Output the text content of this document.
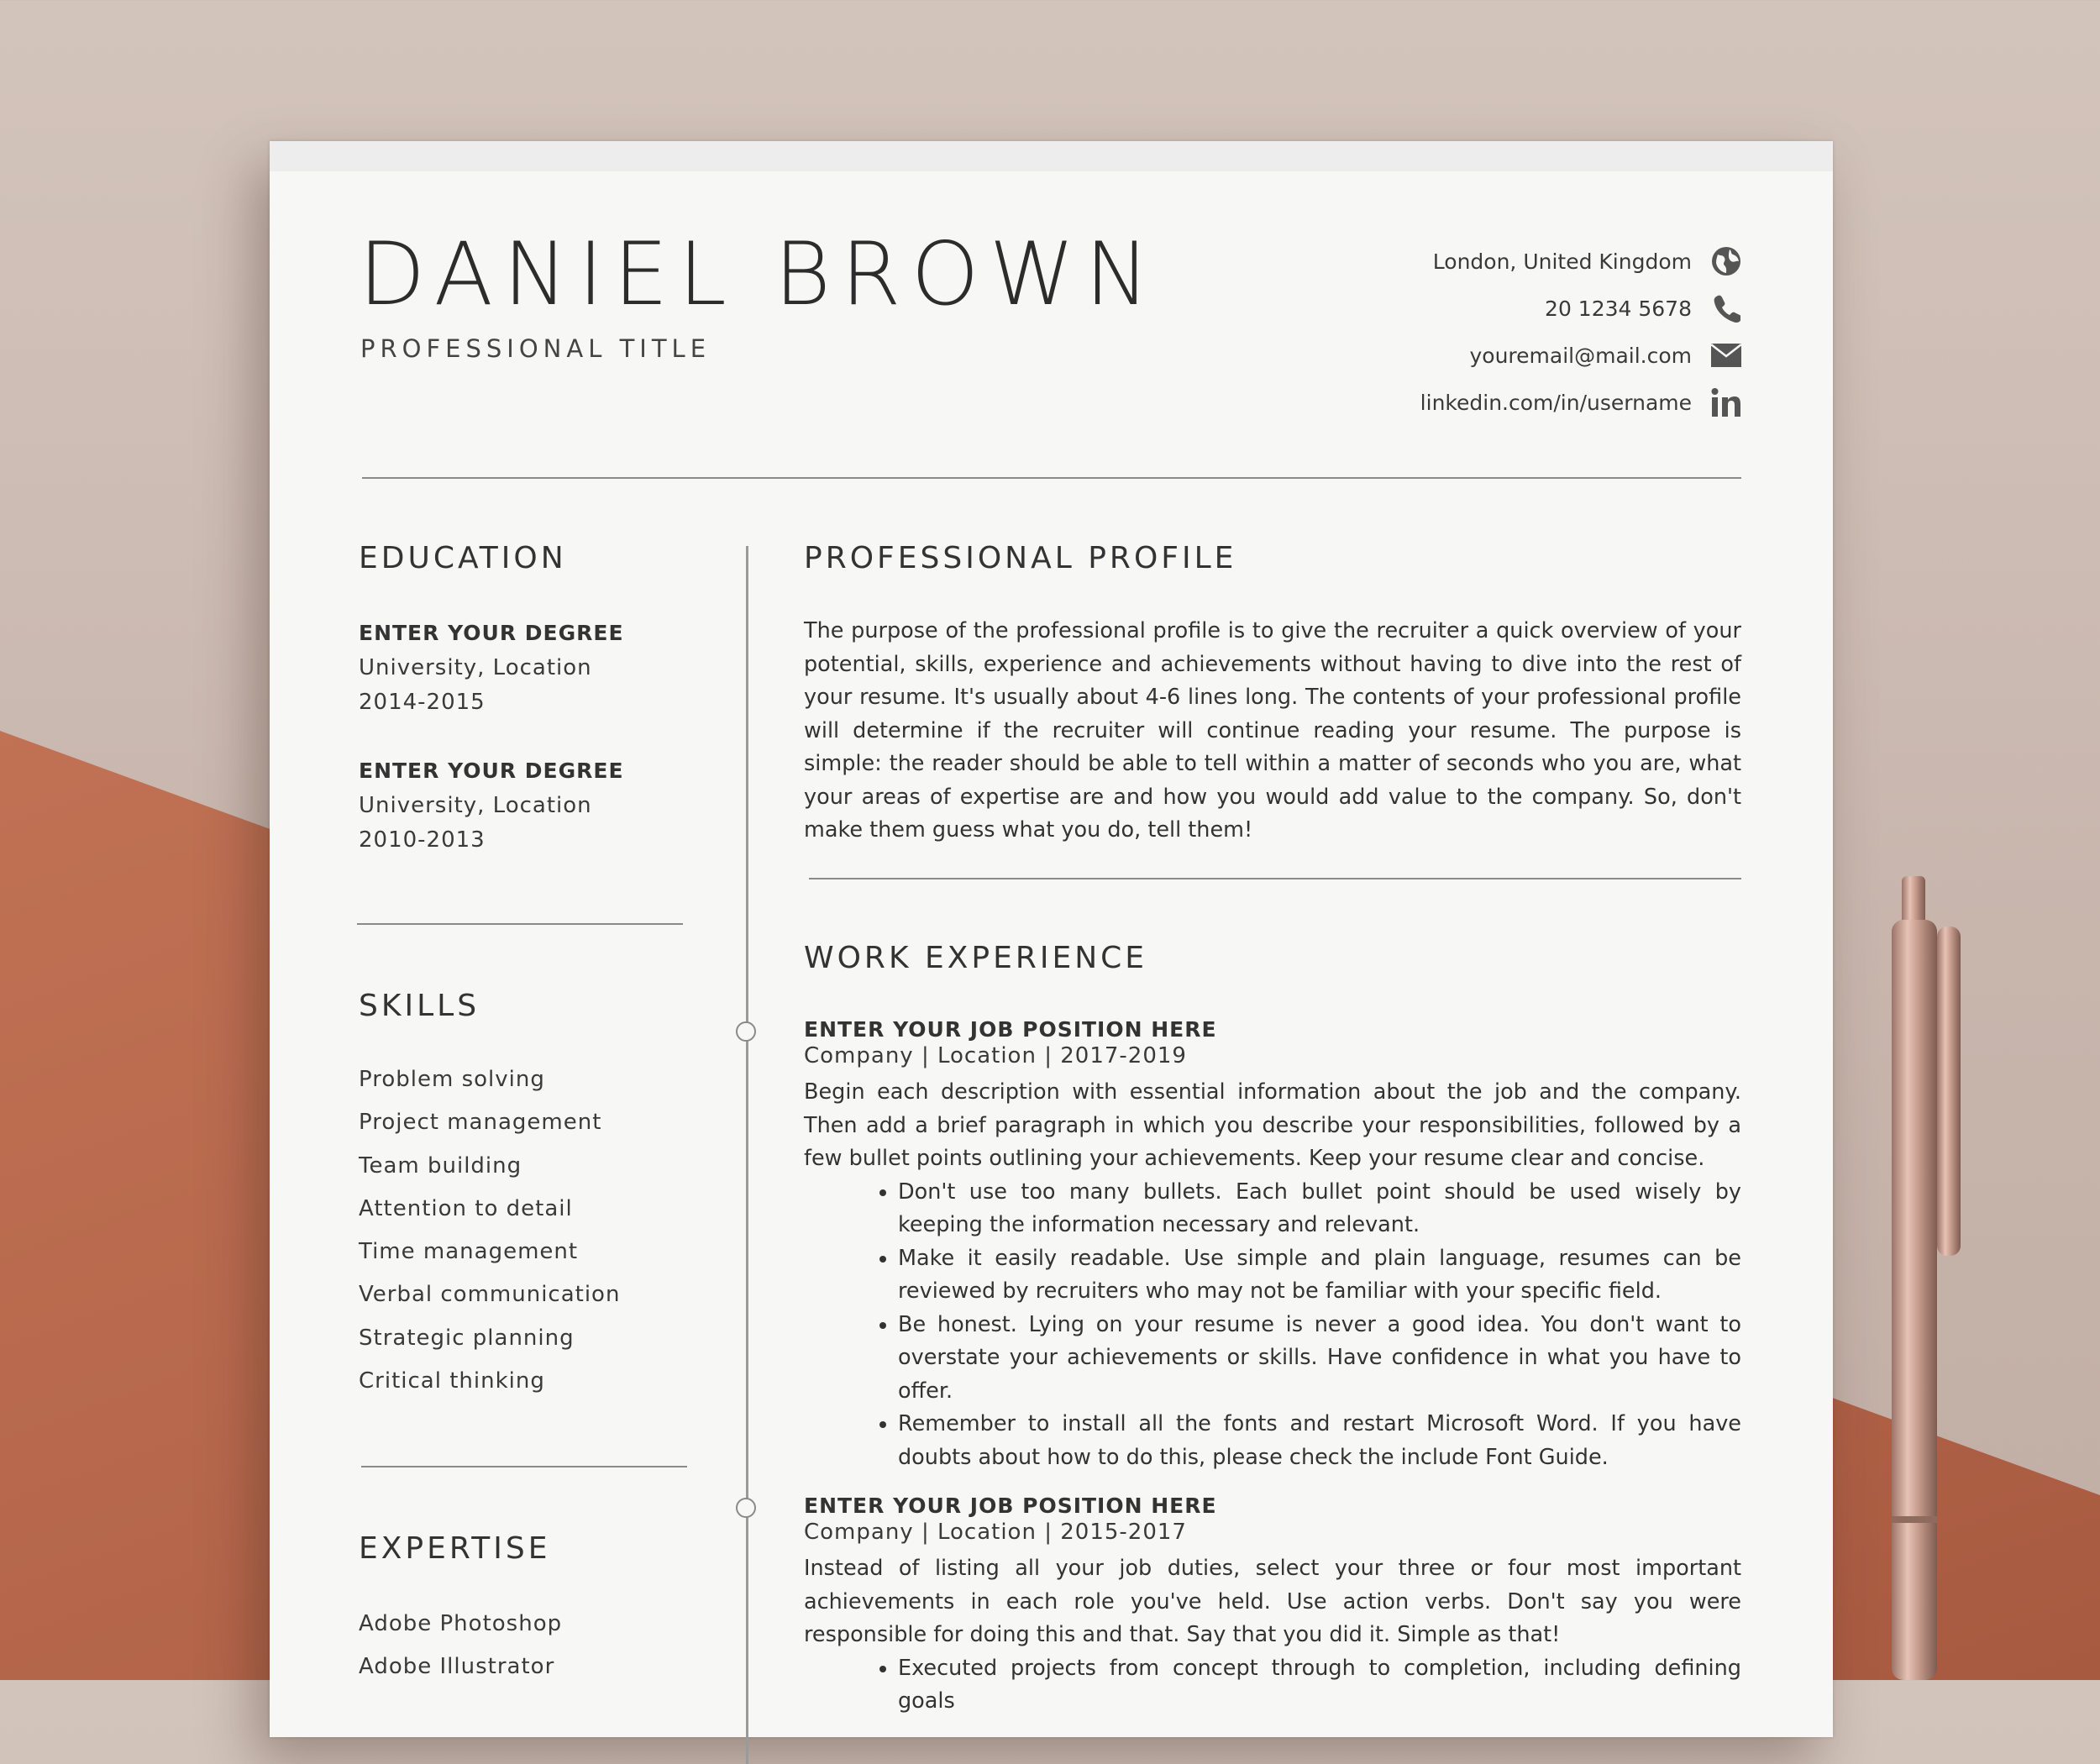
DANIEL BROWN
PROFESSIONAL TITLE
London, United Kingdom
20 1234 5678
youremail@mail.com
linkedin.com/in/username
EDUCATION
ENTER YOUR DEGREE
University, Location
2014-2015
ENTER YOUR DEGREE
University, Location
2010-2013
SKILLS
Problem solving
Project management
Team building
Attention to detail
Time management
Verbal communication
Strategic planning
Critical thinking
EXPERTISE
Adobe Photoshop
Adobe Illustrator
PROFESSIONAL PROFILE
The purpose of the professional profile is to give the recruiter a quick overview of your potential, skills, experience and achievements without having to dive into the rest of your resume. It's usually about 4-6 lines long. The contents of your professional profile will determine if the recruiter will continue reading your resume. The purpose is simple: the reader should be able to tell within a matter of seconds who you are, what your areas of expertise are and how you would add value to the company. So, don't make them guess what you do, tell them!
WORK EXPERIENCE
ENTER YOUR JOB POSITION HERE
Company | Location | 2017-2019
Begin each description with essential information about the job and the company. Then add a brief paragraph in which you describe your responsibilities, followed by a few bullet points outlining your achievements. Keep your resume clear and concise.
• Don't use too many bullets. Each bullet point should be used wisely by keeping the information necessary and relevant.
• Make it easily readable. Use simple and plain language, resumes can be reviewed by recruiters who may not be familiar with your specific field.
• Be honest. Lying on your resume is never a good idea. You don't want to overstate your achievements or skills. Have confidence in what you have to offer.
• Remember to install all the fonts and restart Microsoft Word. If you have doubts about how to do this, please check the include Font Guide.
ENTER YOUR JOB POSITION HERE
Company | Location | 2015-2017
Instead of listing all your job duties, select your three or four most important achievements in each role you've held. Use action verbs. Don't say you were responsible for doing this and that. Say that you did it. Simple as that!
• Executed projects from concept through to completion, including defining goals
